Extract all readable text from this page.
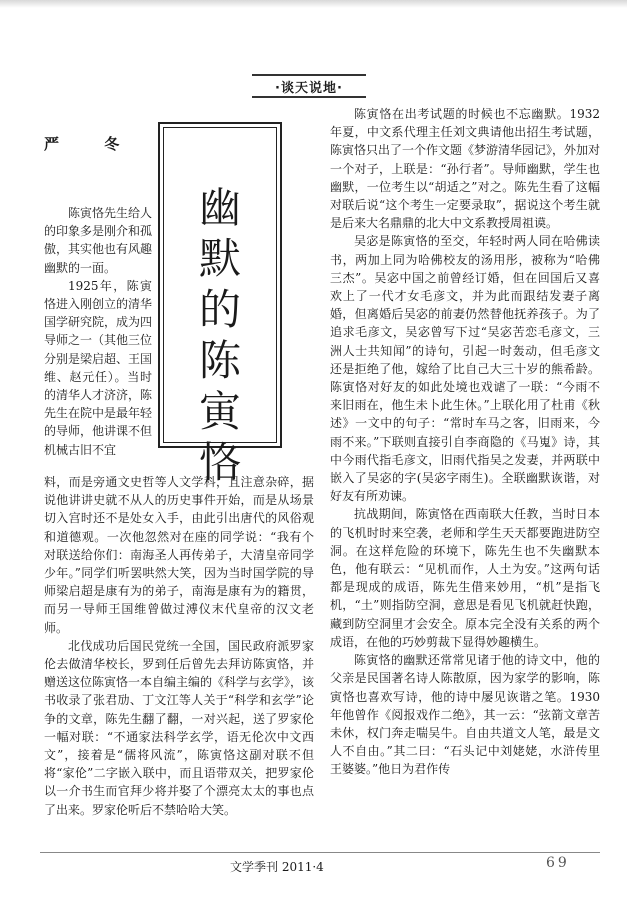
·谈天说地·
严 冬
幽
默
的
陈
寅
恪

陈寅恪先生给人的印象多是刚介和孤傲，其实他也有风趣幽默的一面。

1925年，陈寅恪进入刚创立的清华国学研究院，成为四导师之一（其他三位分别是梁启超、王国维、赵元任）。当时的清华人才济济，陈先生在院中是最年轻的导师，他讲课不但机械古旧不宜

料，而是旁通文史哲等人文学科，且注意杂碎，据说他讲讲史就不从人的历史事件开始，而是从场景切入宫时还不是处女入手，由此引出唐代的风俗观和道德观。一次他忽然对在座的同学说：“我有个对联送给你们：南海圣人再传弟子，大清皇帝同学少年。”同学们听罢哄然大笑，因为当时国学院的导师梁启超是康有为的弟子，南海是康有为的籍贯，而另一导师王国维曾做过溥仪末代皇帝的汉文老师。

北伐成功后国民党统一全国，国民政府派罗家伦去做清华校长，罗到任后曾先去拜访陈寅恪，并赠送这位陈寅恪一本自编主编的《科学与玄学》，该书收录了张君劢、丁文江等人关于“科学和玄学”论争的文章，陈先生翻了翻，一对兴起，送了罗家伦一幅对联：“不通家法科学玄学，语无伦次中文西文”，接着是“儒将风流”，陈寅恪这副对联不但将“家伦”二字嵌入联中，而且语带双关，把罗家伦以一介书生而官拜少将并娶了个漂亮太太的事也点了出来。罗家伦听后不禁哈哈大笑。

陈寅恪在出考试题的时候也不忘幽默。1932年夏，中文系代理主任刘文典请他出招生考试题，陈寅恪只出了一个作文题《梦游清华园记》，外加对一个对子，上联是：“孙行者”。导师幽默，学生也幽默，一位考生以“胡适之”对之。陈先生看了这幅对联后说“这个考生一定要录取”，据说这个考生就是后来大名鼎鼎的北大中文系教授周祖谟。

吴宓是陈寅恪的至交，年轻时两人同在哈佛读书，两加上同为哈佛校友的汤用彤，被称为“哈佛三杰”。吴宓中国之前曾经订婚，但在回国后又喜欢上了一代才女毛彦文，并为此而跟结发妻子离婚，但离婚后吴宓的前妻仍然替他抚养孩子。为了追求毛彦文，吴宓曾写下过“吴宓苦恋毛彦文，三洲人士共知闻”的诗句，引起一时轰动，但毛彦文还是拒绝了他，嫁给了比自己大三十岁的熊希龄。陈寅恪对好友的如此处境也戏谑了一联：“今雨不来旧雨在，他生未卜此生休。”上联化用了杜甫《秋述》一文中的句子：“常时车马之客，旧雨来，今雨不来。”下联则直接引自李商隐的《马嵬》诗，其中今雨代指毛彦文，旧雨代指吴之发妻，并两联中嵌入了吴宓的字(吴宓字雨生)。全联幽默诙谐，对好友有所劝谏。

抗战期间，陈寅恪在西南联大任教，当时日本的飞机时时来空袭，老师和学生天天都要跑进防空洞。在这样危险的环境下，陈先生也不失幽默本色，他有联云：“见机而作，人土为安。”这两句话都是现成的成语，陈先生借来妙用，“机”是指飞机，“土”则指防空洞，意思是看见飞机就赶快跑，藏到防空洞里才会安全。原本完全没有关系的两个成语，在他的巧妙剪裁下显得妙趣横生。

陈寅恪的幽默还常常见诸于他的诗文中，他的父亲是民国著名诗人陈散原，因为家学的影响，陈寅恪也喜欢写诗，他的诗中屡见诙谐之笔。1930年他曾作《阅报戏作二绝》，其一云：“弦箭文章苦未休，权门奔走喘吴牛。自由共道文人笔，最是文人不自由。”其二曰：“石头记中刘姥姥，水浒传里王婆婆。”他日为君作传

文学季刊 2011·4	69
